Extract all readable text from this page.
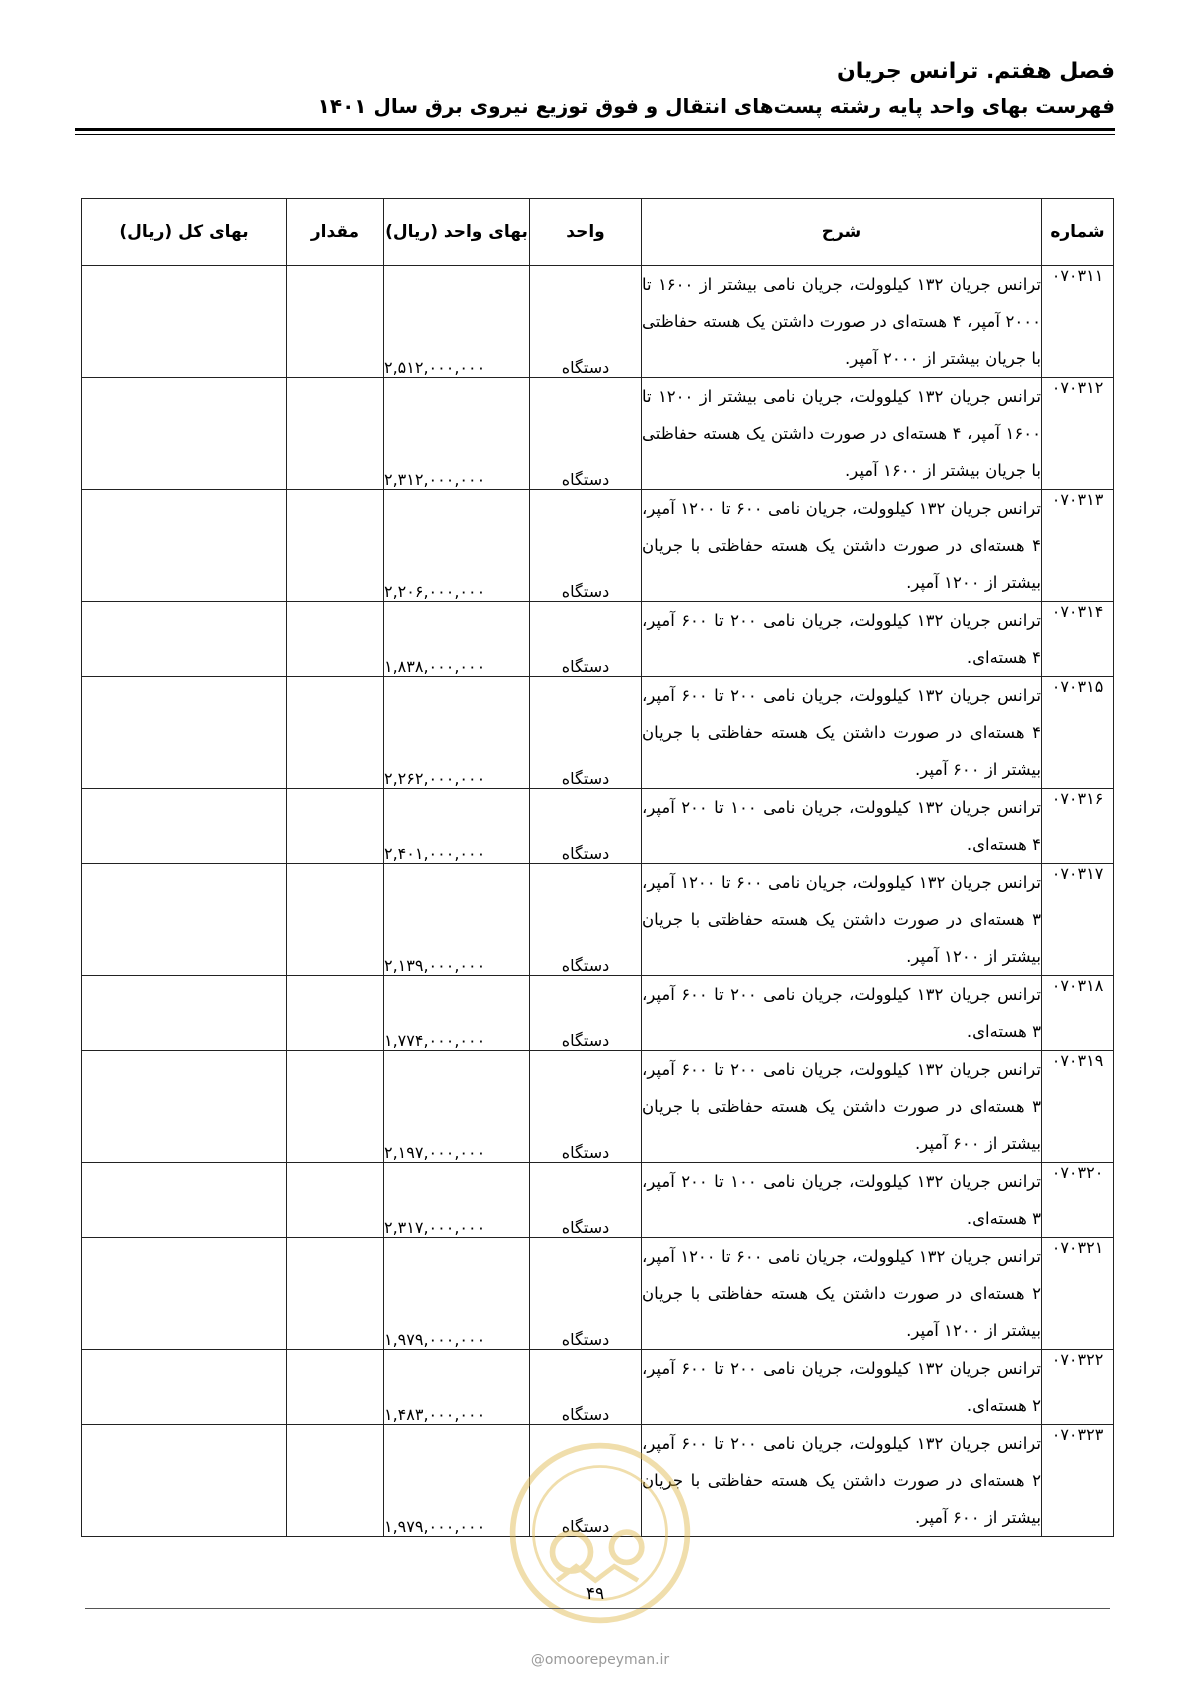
فصل هفتم. ترانس جریان
فهرست بهای واحد پایه رشته پست‌های انتقال و فوق توزیع نیروی برق سال ۱۴۰۱
شماره	شرح	واحد	بهای واحد (ریال)	مقدار	بهای کل (ریال)
۰۷۰۳۱۱	ترانس جریان ۱۳۲ کیلوولت، جریان نامی بیشتر از ۱۶۰۰ تا ۲۰۰۰ آمپر، ۴ هسته‌ای در صورت داشتن یک هسته حفاظتی با جریان بیشتر از ۲۰۰۰ آمپر.	دستگاه	۲,۵۱۲,۰۰۰,۰۰۰		
۰۷۰۳۱۲	ترانس جریان ۱۳۲ کیلوولت، جریان نامی بیشتر از ۱۲۰۰ تا ۱۶۰۰ آمپر، ۴ هسته‌ای در صورت داشتن یک هسته حفاظتی با جریان بیشتر از ۱۶۰۰ آمپر.	دستگاه	۲,۳۱۲,۰۰۰,۰۰۰		
۰۷۰۳۱۳	ترانس جریان ۱۳۲ کیلوولت، جریان نامی ۶۰۰ تا ۱۲۰۰ آمپر، ۴ هسته‌ای در صورت داشتن یک هسته حفاظتی با جریان بیشتر از ۱۲۰۰ آمپر.	دستگاه	۲,۲۰۶,۰۰۰,۰۰۰		
۰۷۰۳۱۴	ترانس جریان ۱۳۲ کیلوولت، جریان نامی ۲۰۰ تا ۶۰۰ آمپر، ۴ هسته‌ای.	دستگاه	۱,۸۳۸,۰۰۰,۰۰۰		
۰۷۰۳۱۵	ترانس جریان ۱۳۲ کیلوولت، جریان نامی ۲۰۰ تا ۶۰۰ آمپر، ۴ هسته‌ای در صورت داشتن یک هسته حفاظتی با جریان بیشتر از ۶۰۰ آمپر.	دستگاه	۲,۲۶۲,۰۰۰,۰۰۰		
۰۷۰۳۱۶	ترانس جریان ۱۳۲ کیلوولت، جریان نامی ۱۰۰ تا ۲۰۰ آمپر، ۴ هسته‌ای.	دستگاه	۲,۴۰۱,۰۰۰,۰۰۰		
۰۷۰۳۱۷	ترانس جریان ۱۳۲ کیلوولت، جریان نامی ۶۰۰ تا ۱۲۰۰ آمپر، ۳ هسته‌ای در صورت داشتن یک هسته حفاظتی با جریان بیشتر از ۱۲۰۰ آمپر.	دستگاه	۲,۱۳۹,۰۰۰,۰۰۰		
۰۷۰۳۱۸	ترانس جریان ۱۳۲ کیلوولت، جریان نامی ۲۰۰ تا ۶۰۰ آمپر، ۳ هسته‌ای.	دستگاه	۱,۷۷۴,۰۰۰,۰۰۰		
۰۷۰۳۱۹	ترانس جریان ۱۳۲ کیلوولت، جریان نامی ۲۰۰ تا ۶۰۰ آمپر، ۳ هسته‌ای در صورت داشتن یک هسته حفاظتی با جریان بیشتر از ۶۰۰ آمپر.	دستگاه	۲,۱۹۷,۰۰۰,۰۰۰		
۰۷۰۳۲۰	ترانس جریان ۱۳۲ کیلوولت، جریان نامی ۱۰۰ تا ۲۰۰ آمپر، ۳ هسته‌ای.	دستگاه	۲,۳۱۷,۰۰۰,۰۰۰		
۰۷۰۳۲۱	ترانس جریان ۱۳۲ کیلوولت، جریان نامی ۶۰۰ تا ۱۲۰۰ آمپر، ۲ هسته‌ای در صورت داشتن یک هسته حفاظتی با جریان بیشتر از ۱۲۰۰ آمپر.	دستگاه	۱,۹۷۹,۰۰۰,۰۰۰		
۰۷۰۳۲۲	ترانس جریان ۱۳۲ کیلوولت، جریان نامی ۲۰۰ تا ۶۰۰ آمپر، ۲ هسته‌ای.	دستگاه	۱,۴۸۳,۰۰۰,۰۰۰		
۰۷۰۳۲۳	ترانس جریان ۱۳۲ کیلوولت، جریان نامی ۲۰۰ تا ۶۰۰ آمپر، ۲ هسته‌ای در صورت داشتن یک هسته حفاظتی با جریان بیشتر از ۶۰۰ آمپر.	دستگاه	۱,۹۷۹,۰۰۰,۰۰۰		
۴۹
@omoorepeyman.ir
